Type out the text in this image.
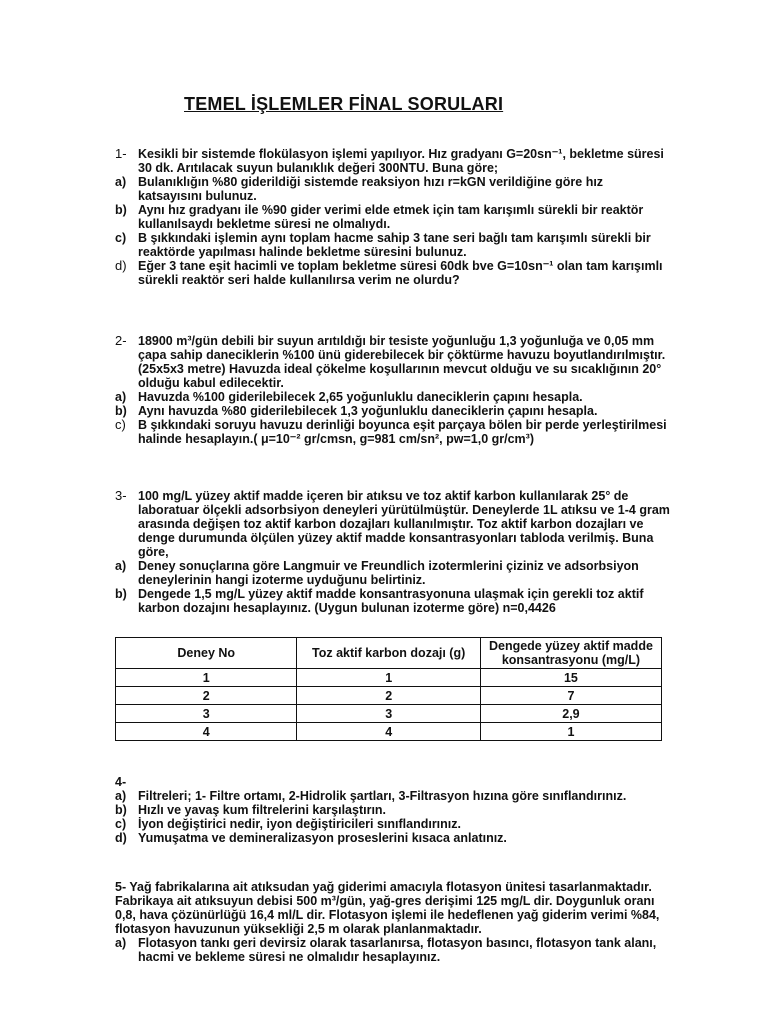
TEMEL İŞLEMLER FİNAL SORULARI
1- Kesikli bir sistemde flokülasyon işlemi yapılıyor. Hız gradyanı G=20sn⁻¹, bekletme süresi 30 dk. Arıtılacak suyun bulanıklık değeri 300NTU. Buna göre;
a) Bulanıklığın %80 giderildiği sistemde reaksiyon hızı r=kGN verildiğine göre hız katsayısını bulunuz.
b) Aynı hız gradyanı ile %90 gider verimi elde etmek için tam karışımlı sürekli bir reaktör kullanılsaydı bekletme süresi ne olmalıydı.
c) B şıkkındaki işlemin aynı toplam hacme sahip 3 tane seri bağlı tam karışımlı sürekli bir reaktörde yapılması halinde bekletme süresini bulunuz.
d) Eğer 3 tane eşit hacimli ve toplam bekletme süresi 60dk bve G=10sn⁻¹ olan tam karışımlı sürekli reaktör seri halde kullanılırsa verim ne olurdu?
2- 18900 m³/gün debili bir suyun arıtıldığı bir tesiste yoğunluğu 1,3 yoğunluğa ve 0,05 mm çapa sahip daneciklerin %100 ünü giderebilecek bir çöktürme havuzu boyutlandırılmıştır. (25x5x3 metre) Havuzda ideal çökelme koşullarının mevcut olduğu ve su sıcaklığının 20° olduğu kabul edilecektir.
a) Havuzda %100 giderilebilecek 2,65 yoğunluklu daneciklerin çapını hesapla.
b) Aynı havuzda %80 giderilebilecek 1,3 yoğunluklu daneciklerin çapını hesapla.
c) B şıkkındaki soruyu havuzu derinliği boyunca eşit parçaya bölen bir perde yerleştirilmesi halinde hesaplayın.( μ=10⁻² gr/cmsn, g=981 cm/sn², pw=1,0 gr/cm³)
3- 100 mg/L yüzey aktif madde içeren bir atıksu ve toz aktif karbon kullanılarak 25° de laboratuar ölçekli adsorbsiyon deneyleri yürütülmüştür. Deneylerde 1L atıksu ve 1-4 gram arasında değişen toz aktif karbon dozajları kullanılmıştır. Toz aktif karbon dozajları ve denge durumunda ölçülen yüzey aktif madde konsantrasyonları tabloda verilmiş. Buna göre,
a) Deney sonuçlarına göre Langmuir ve Freundlich izotermlerini çiziniz ve adsorbsiyon deneylerinin hangi izoterme uyduğunu belirtiniz.
b) Dengede 1,5 mg/L yüzey aktif madde konsantrasyonuna ulaşmak için gerekli toz aktif karbon dozajını hesaplayınız. (Uygun bulunan izoterme göre) n=0,4426
Deney No	Toz aktif karbon dozajı (g)	Dengede yüzey aktif madde konsantrasyonu (mg/L)
1	1	15
2	2	7
3	3	2,9
4	4	1
4-
a) Filtreleri; 1- Filtre ortamı, 2-Hidrolik şartları, 3-Filtrasyon hızına göre sınıflandırınız.
b) Hızlı ve yavaş kum filtrelerini karşılaştırın.
c) İyon değiştirici nedir, iyon değiştiricileri sınıflandırınız.
d) Yumuşatma ve demineralizasyon proseslerini kısaca anlatınız.
5- Yağ fabrikalarına ait atıksudan yağ giderimi amacıyla flotasyon ünitesi tasarlanmaktadır. Fabrikaya ait atıksuyun debisi 500 m³/gün, yağ-gres derişimi 125 mg/L dir. Doygunluk oranı 0,8, hava çözünürlüğü 16,4 ml/L dir. Flotasyon işlemi ile hedeflenen yağ giderim verimi %84, flotasyon havuzunun yüksekliği 2,5 m olarak planlanmaktadır.
a) Flotasyon tankı geri devirsiz olarak tasarlanırsa, flotasyon basıncı, flotasyon tank alanı, hacmi ve bekleme süresi ne olmalıdır hesaplayınız.
